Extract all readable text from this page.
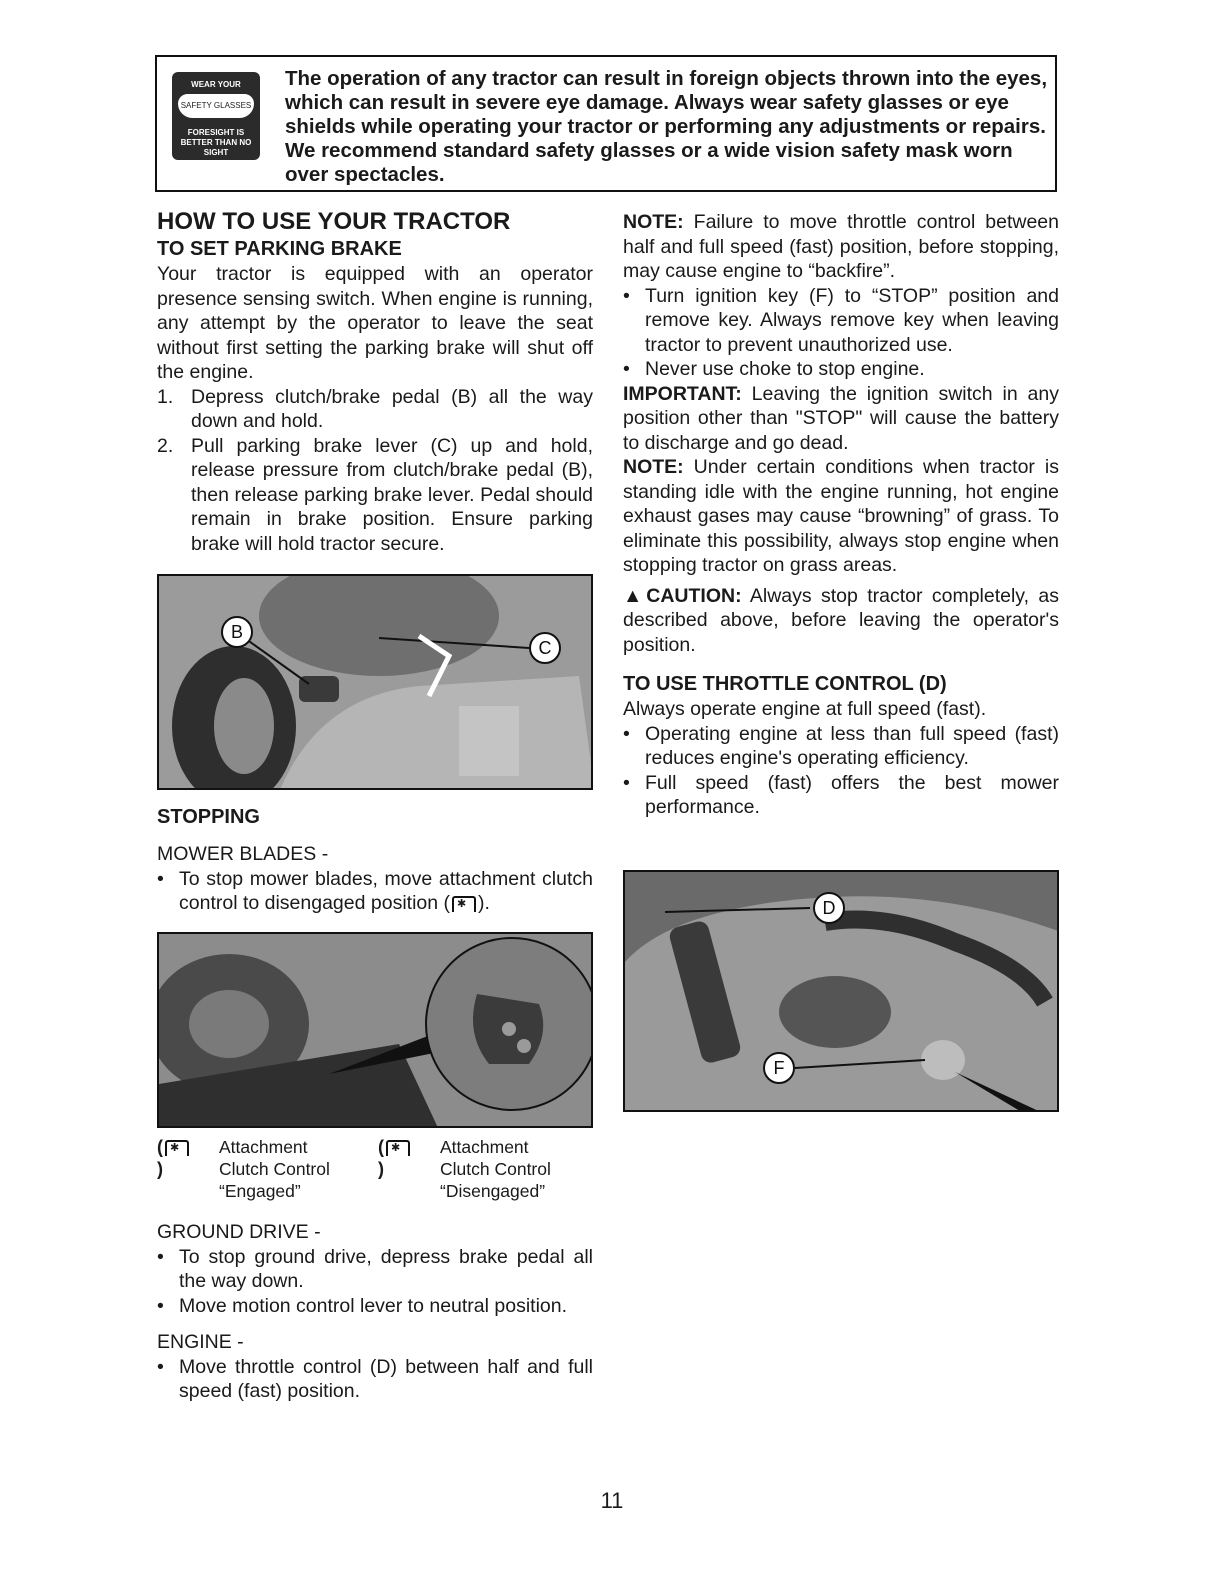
WEAR YOUR
SAFETY GLASSES
FORESIGHT IS BETTER THAN NO SIGHT
The operation of any tractor can result in foreign objects thrown into the eyes, which can result in severe eye damage. Always wear safety glasses or eye shields while operating your tractor or performing any adjustments or repairs. We recommend standard safety glasses or a wide vision safety mask worn over spectacles.

HOW TO USE YOUR TRACTOR

TO SET PARKING BRAKE

Your tractor is equipped with an operator presence sensing switch. When engine is running, any attempt by the operator to leave the seat without first setting the parking brake will shut off the engine.

1. Depress clutch/brake pedal (B) all the way down and hold.
2. Pull parking brake lever (C) up and hold, release pressure from clutch/brake pedal (B), then release parking brake lever. Pedal should remain in brake position. Ensure parking brake will hold tractor secure.
B
C

STOPPING

MOWER BLADES -

• To stop mower blades, move attachment clutch control to disengaged position (✱ ).
(✱)
Attachment
Clutch Control
“Engaged”
(✱)
Attachment
Clutch Control
“Disengaged”

GROUND DRIVE -

• To stop ground drive, depress brake pedal all the way down.
• Move motion control lever to neutral position.

ENGINE -

• Move throttle control (D) between half and full speed (fast) position.

NOTE: Failure to move throttle control between half and full speed (fast) position, before stopping, may cause engine to “backfire”.

• Turn ignition key (F) to “STOP” position and remove key. Always remove key when leaving tractor to prevent unauthorized use.
• Never use choke to stop engine.

IMPORTANT: Leaving the ignition switch in any position other than "STOP" will cause the battery to discharge and go dead.

NOTE: Under certain conditions when tractor is standing idle with the engine running, hot engine exhaust gases may cause “browning” of grass. To eliminate this possibility, always stop engine when stopping tractor on grass areas.

▲CAUTION: Always stop tractor completely, as described above, before leaving the operator's position.

TO USE THROTTLE CONTROL (D)

Always operate engine at full speed (fast).

• Operating engine at less than full speed (fast) reduces engine's operating efficiency.
• Full speed (fast) offers the best mower performance.
D
F
11
